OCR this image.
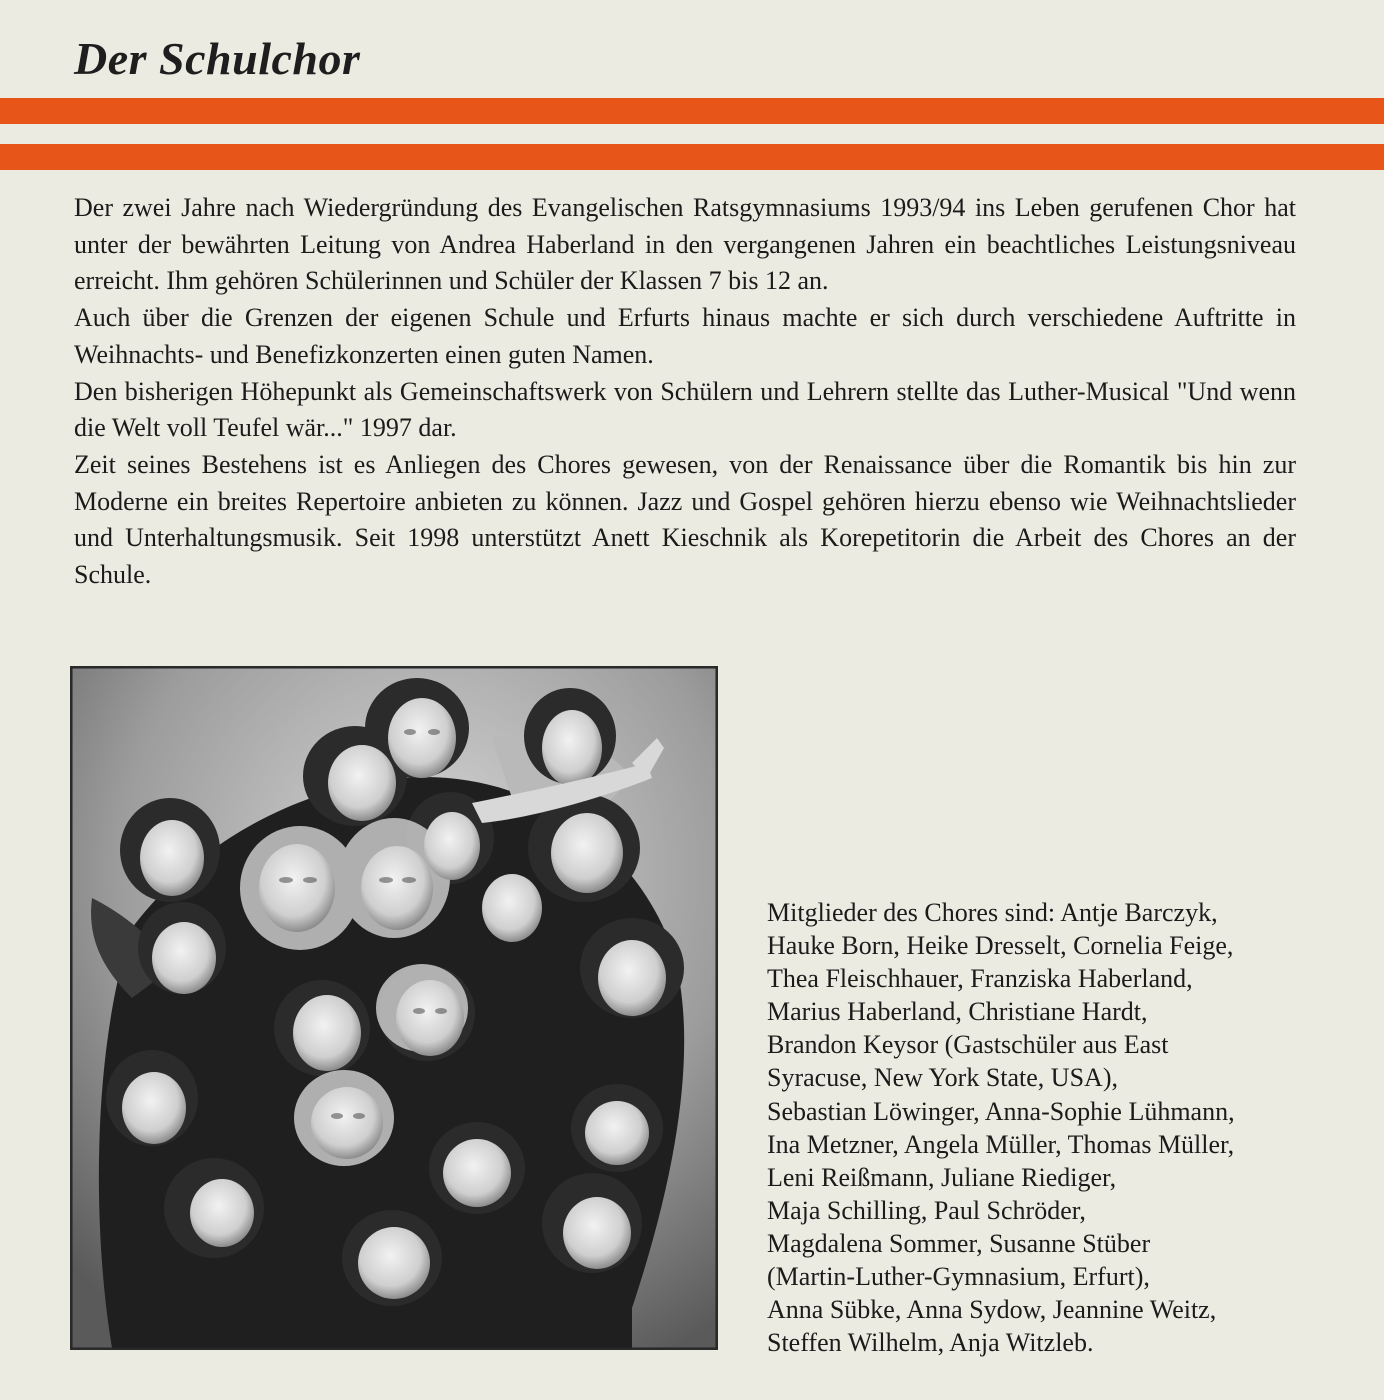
Der Schulchor

Der zwei Jahre nach Wiedergründung des Evangelischen Ratsgymnasiums 1993/94 ins Leben gerufenen Chor hat unter der bewährten Leitung von Andrea Haberland in den vergangenen Jahren ein beachtliches Leistungsniveau erreicht. Ihm gehören Schülerinnen und Schüler der Klassen 7 bis 12 an.

Auch über die Grenzen der eigenen Schule und Erfurts hinaus machte er sich durch verschiedene Auftritte in Weihnachts- und Benefizkonzerten einen guten Namen.

Den bisherigen Höhepunkt als Gemeinschaftswerk von Schülern und Lehrern stellte das Luther-Musical "Und wenn die Welt voll Teufel wär..." 1997 dar.

Zeit seines Bestehens ist es Anliegen des Chores gewesen, von der Renaissance über die Romantik bis hin zur Moderne ein breites Repertoire anbieten zu können. Jazz und Gospel gehören hierzu ebenso wie Weihnachtslieder und Unterhaltungsmusik. Seit 1998 unterstützt Anett Kieschnik als Korepetitorin die Arbeit des Chores an der Schule.

Mitglieder des Chores sind: Antje Barczyk,
Hauke Born, Heike Dresselt, Cornelia Feige,
Thea Fleischhauer, Franziska Haberland,
Marius Haberland, Christiane Hardt,
Brandon Keysor (Gastschüler aus East
Syracuse, New York State, USA),
Sebastian Löwinger, Anna-Sophie Lühmann,
Ina Metzner, Angela Müller, Thomas Müller,
Leni Reißmann, Juliane Riediger,
Maja Schilling, Paul Schröder,
Magdalena Sommer, Susanne Stüber
(Martin-Luther-Gymnasium, Erfurt),
Anna Sübke, Anna Sydow, Jeannine Weitz,
Steffen Wilhelm, Anja Witzleb.
